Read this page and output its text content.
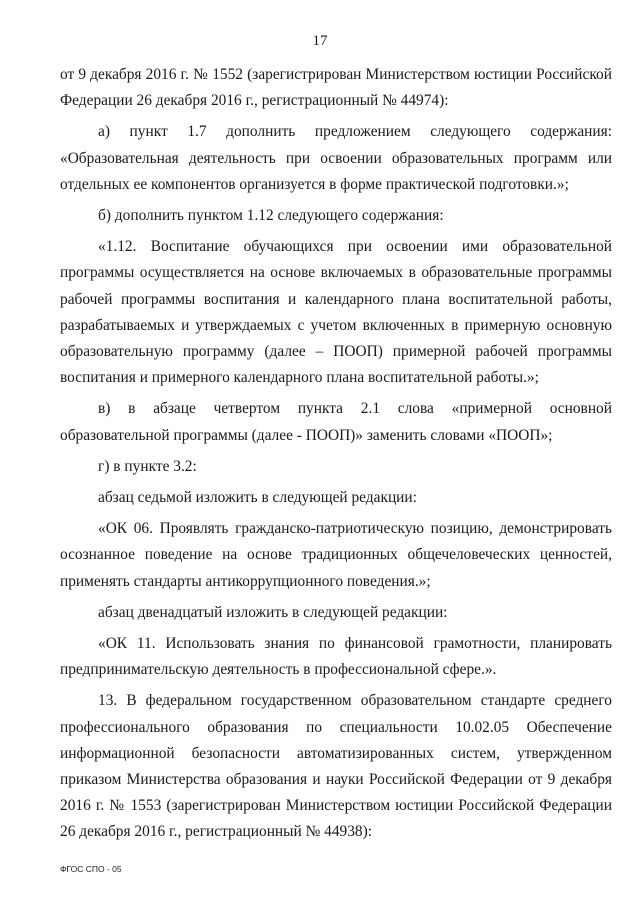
17

от 9 декабря 2016 г. № 1552 (зарегистрирован Министерством юстиции Российской Федерации 26 декабря 2016 г., регистрационный № 44974):

а) пункт 1.7 дополнить предложением следующего содержания: «Образовательная деятельность при освоении образовательных программ или отдельных ее компонентов организуется в форме практической подготовки.»;

б) дополнить пунктом 1.12 следующего содержания:

«1.12. Воспитание обучающихся при освоении ими образовательной программы осуществляется на основе включаемых в образовательные программы рабочей программы воспитания и календарного плана воспитательной работы, разрабатываемых и утверждаемых с учетом включенных в примерную основную образовательную программу (далее – ПООП) примерной рабочей программы воспитания и примерного календарного плана воспитательной работы.»;

в) в абзаце четвертом пункта 2.1 слова «примерной основной образовательной программы (далее - ПООП)» заменить словами «ПООП»;

г) в пункте 3.2:

абзац седьмой изложить в следующей редакции:

«ОК 06. Проявлять гражданско-патриотическую позицию, демонстрировать осознанное поведение на основе традиционных общечеловеческих ценностей, применять стандарты антикоррупционного поведения.»;

абзац двенадцатый изложить в следующей редакции:

«ОК 11. Использовать знания по финансовой грамотности, планировать предпринимательскую деятельность в профессиональной сфере.».

13. В федеральном государственном образовательном стандарте среднего профессионального образования по специальности 10.02.05 Обеспечение информационной безопасности автоматизированных систем, утвержденном приказом Министерства образования и науки Российской Федерации от 9 декабря 2016 г. № 1553 (зарегистрирован Министерством юстиции Российской Федерации 26 декабря 2016 г., регистрационный № 44938):

ФГОС СПО - 05
